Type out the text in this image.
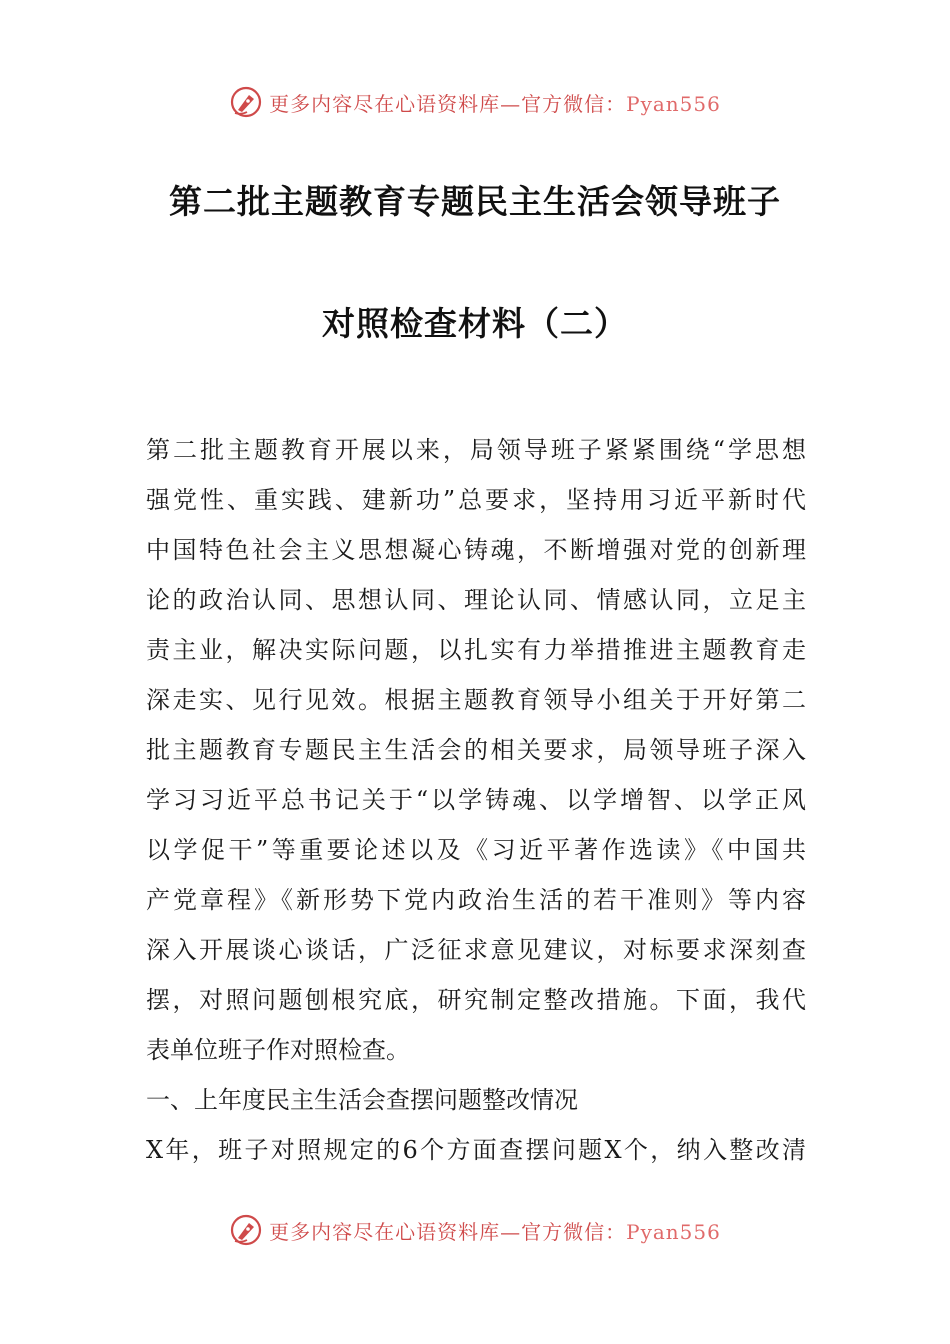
更多内容尽在心语资料库—官方微信：Pyan556
第二批主题教育专题民主生活会领导班子
对照检查材料（二）
第二批主题教育开展以来，局领导班子紧紧围绕“学思想
强党性、重实践、建新功”总要求，坚持用习近平新时代
中国特色社会主义思想凝心铸魂，不断增强对党的创新理
论的政治认同、思想认同、理论认同、情感认同，立足主
责主业，解决实际问题，以扎实有力举措推进主题教育走
深走实、见行见效。根据主题教育领导小组关于开好第二
批主题教育专题民主生活会的相关要求，局领导班子深入
学习习近平总书记关于“以学铸魂、以学增智、以学正风
以学促干”等重要论述以及《习近平著作选读》《中国共
产党章程》《新形势下党内政治生活的若干准则》等内容
深入开展谈心谈话，广泛征求意见建议，对标要求深刻查
摆，对照问题刨根究底，研究制定整改措施。下面，我代
表单位班子作对照检查。
一、上年度民主生活会查摆问题整改情况
X年，班子对照规定的6个方面查摆问题X个，纳入整改清
更多内容尽在心语资料库—官方微信：Pyan556
